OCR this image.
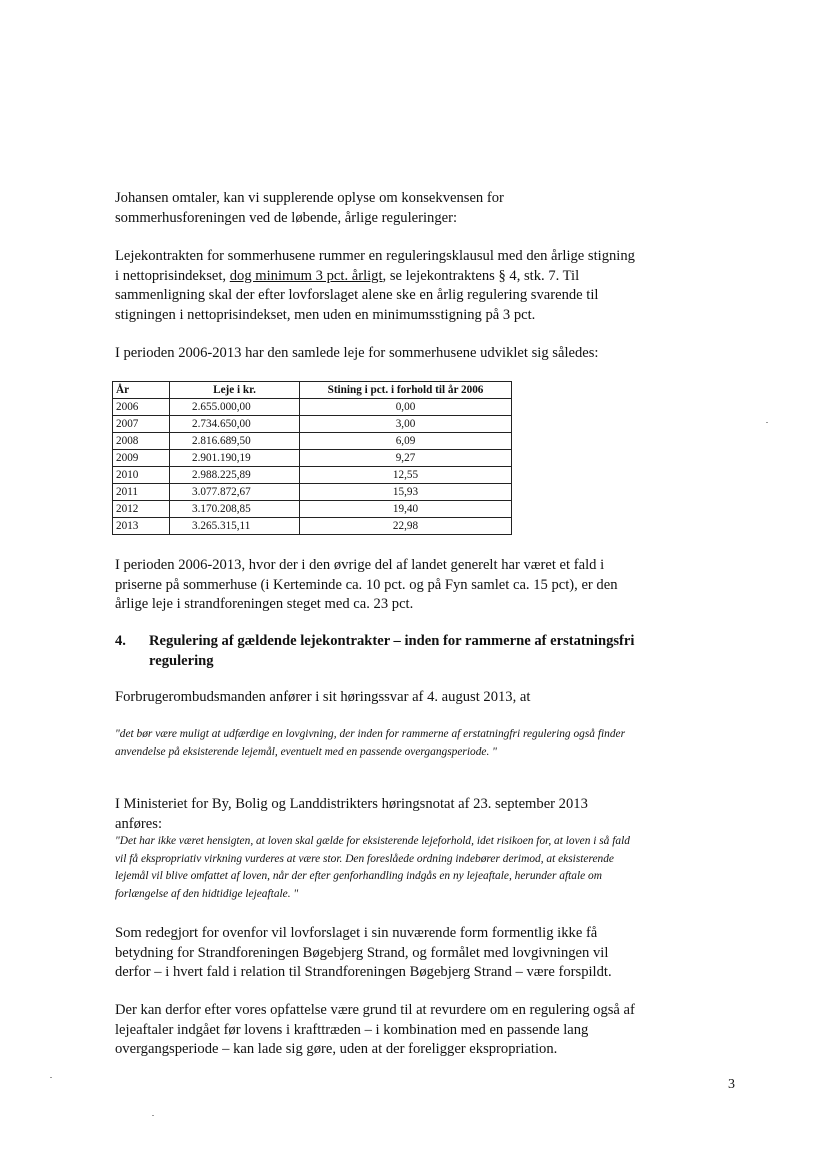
Johansen omtaler, kan vi supplerende oplyse om konsekvensen for sommerhusforeningen ved de løbende, årlige reguleringer:

Lejekontrakten for sommerhusene rummer en reguleringsklausul med den årlige stigning i nettoprisindekset, dog minimum 3 pct. årligt, se lejekontraktens § 4, stk. 7. Til sammenligning skal der efter lovforslaget alene ske en årlig regulering svarende til stigningen i nettoprisindekset, men uden en minimumsstigning på 3 pct.

I perioden 2006-2013 har den samlede leje for sommerhusene udviklet sig således:

År	Leje i kr.	Stining i pct. i forhold til år 2006
2006	2.655.000,00	0,00
2007	2.734.650,00	3,00
2008	2.816.689,50	6,09
2009	2.901.190,19	9,27
2010	2.988.225,89	12,55
2011	3.077.872,67	15,93
2012	3.170.208,85	19,40
2013	3.265.315,11	22,98

I perioden 2006-2013, hvor der i den øvrige del af landet generelt har været et fald i priserne på sommerhuse (i Kerteminde ca. 10 pct. og på Fyn samlet ca. 15 pct), er den årlige leje i strandforeningen steget med ca. 23 pct.

4. Regulering af gældende lejekontrakter – inden for rammerne af erstatningsfri regulering

Forbrugerombudsmanden anfører i sit høringssvar af 4. august 2013, at

"det bør være muligt at udfærdige en lovgivning, der inden for rammerne af erstatningfri regulering også finder anvendelse på eksisterende lejemål, eventuelt med en passende overgangsperiode. "

I Ministeriet for By, Bolig og Landdistrikters høringsnotat af 23. september 2013 anføres:

"Det har ikke været hensigten, at loven skal gælde for eksisterende lejeforhold, idet risikoen for, at loven i så fald vil få ekspropriativ virkning vurderes at være stor. Den foreslåede ordning indebører derimod, at eksisterende lejemål vil blive omfattet af loven, når der efter genforhandling indgås en ny lejeaftale, herunder aftale om forlængelse af den hidtidige lejeaftale. "

Som redegjort for ovenfor vil lovforslaget i sin nuværende form formentlig ikke få betydning for Strandforeningen Bøgebjerg Strand, og formålet med lovgivningen vil derfor – i hvert fald i relation til Strandforeningen Bøgebjerg Strand – være forspildt.

Der kan derfor efter vores opfattelse være grund til at revurdere om en regulering også af lejeaftaler indgået før lovens i krafttræden – i kombination med en passende lang overgangsperiode – kan lade sig gøre, uden at der foreligger ekspropriation.

3
